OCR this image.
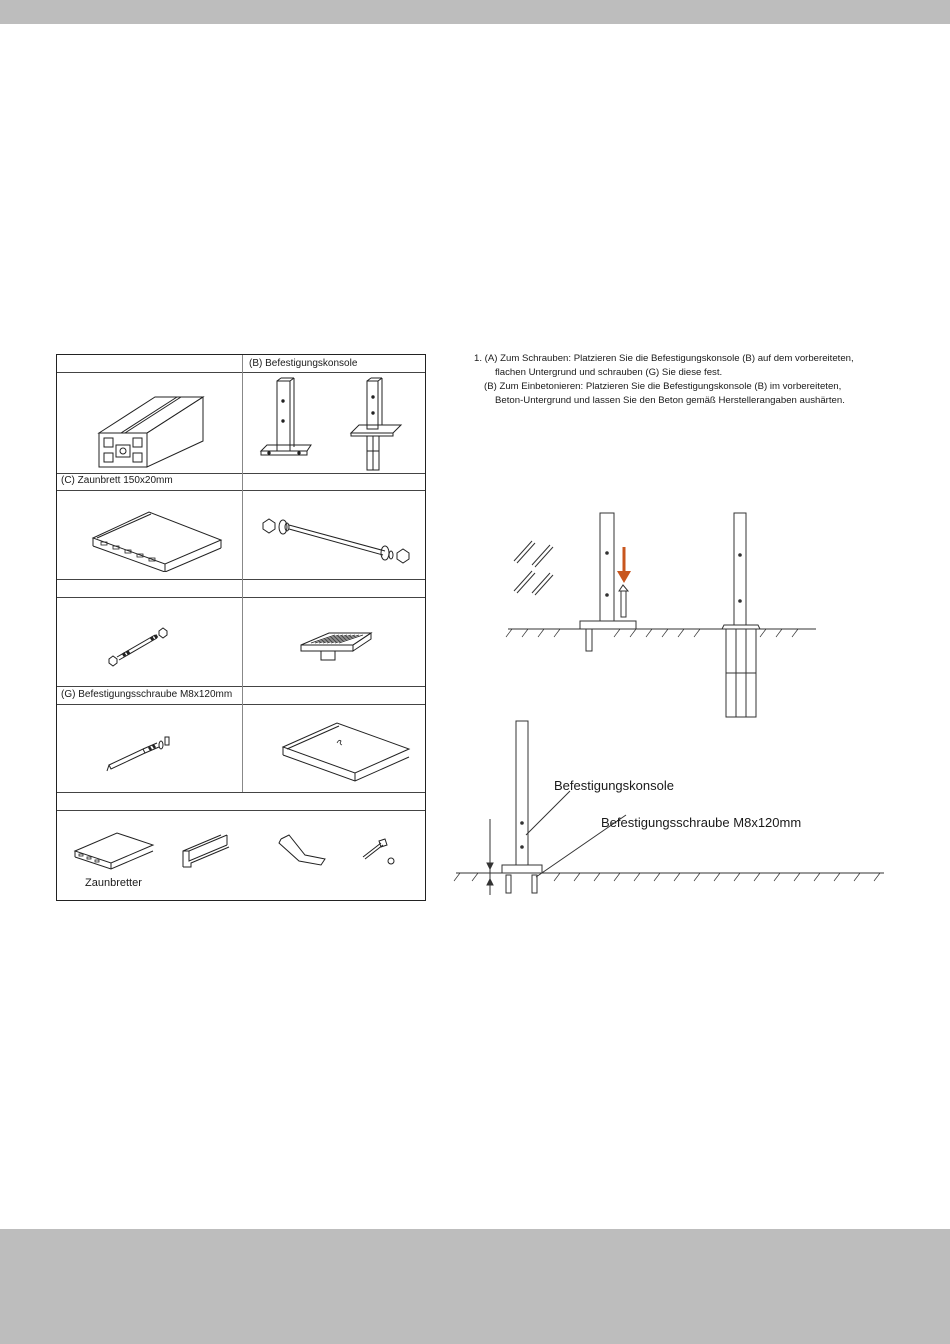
(B) Befestigungskonsole
(C) Zaunbrett 150x20mm
(G) Befestigungsschraube M8x120mm
Zaunbretter
1. (A) Zum Schrauben: Platzieren Sie die Befestigungskonsole (B) auf dem vorbereiteten,
flachen Untergrund und schrauben (G) Sie diese fest.
(B) Zum Einbetonieren: Platzieren Sie die Befestigungskonsole (B) im vorbereiteten,
Beton-Untergrund und lassen Sie den Beton gemäß Herstellerangaben aushärten.
Befestigungskonsole
Befestigungsschraube M8x120mm
